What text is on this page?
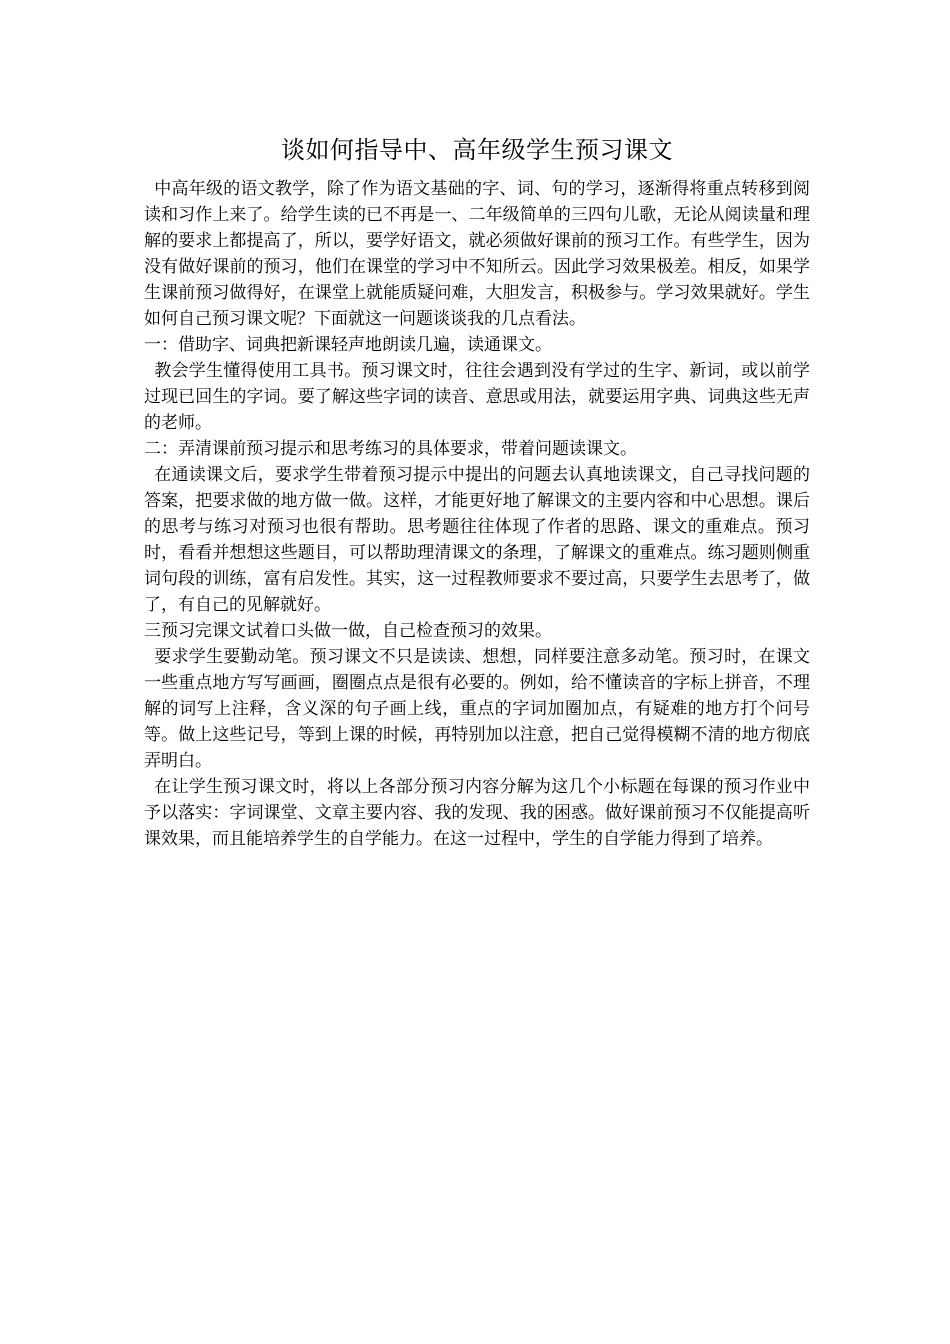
谈如何指导中、高年级学生预习课文

中高年级的语文教学，除了作为语文基础的字、词、句的学习，逐渐得将重点转移到阅读和习作上来了。给学生读的已不再是一、二年级简单的三四句儿歌，无论从阅读量和理解的要求上都提高了，所以，要学好语文，就必须做好课前的预习工作。有些学生，因为没有做好课前的预习，他们在课堂的学习中不知所云。因此学习效果极差。相反，如果学生课前预习做得好，在课堂上就能质疑问难，大胆发言，积极参与。学习效果就好。学生如何自己预习课文呢？下面就这一问题谈谈我的几点看法。

一：借助字、词典把新课轻声地朗读几遍，读通课文。

教会学生懂得使用工具书。预习课文时，往往会遇到没有学过的生字、新词，或以前学过现已回生的字词。要了解这些字词的读音、意思或用法，就要运用字典、词典这些无声的老师。

二：弄清课前预习提示和思考练习的具体要求，带着问题读课文。

在通读课文后，要求学生带着预习提示中提出的问题去认真地读课文，自己寻找问题的答案，把要求做的地方做一做。这样，才能更好地了解课文的主要内容和中心思想。课后的思考与练习对预习也很有帮助。思考题往往体现了作者的思路、课文的重难点。预习时，看看并想想这些题目，可以帮助理清课文的条理，了解课文的重难点。练习题则侧重词句段的训练，富有启发性。其实，这一过程教师要求不要过高，只要学生去思考了，做了，有自己的见解就好。

三预习完课文试着口头做一做，自己检查预习的效果。

要求学生要勤动笔。预习课文不只是读读、想想，同样要注意多动笔。预习时，在课文一些重点地方写写画画，圈圈点点是很有必要的。例如，给不懂读音的字标上拼音，不理解的词写上注释，含义深的句子画上线，重点的字词加圈加点，有疑难的地方打个问号等。做上这些记号，等到上课的时候，再特别加以注意，把自己觉得模糊不清的地方彻底弄明白。

在让学生预习课文时，将以上各部分预习内容分解为这几个小标题在每课的预习作业中予以落实：字词课堂、文章主要内容、我的发现、我的困惑。做好课前预习不仅能提高听课效果，而且能培养学生的自学能力。在这一过程中，学生的自学能力得到了培养。
